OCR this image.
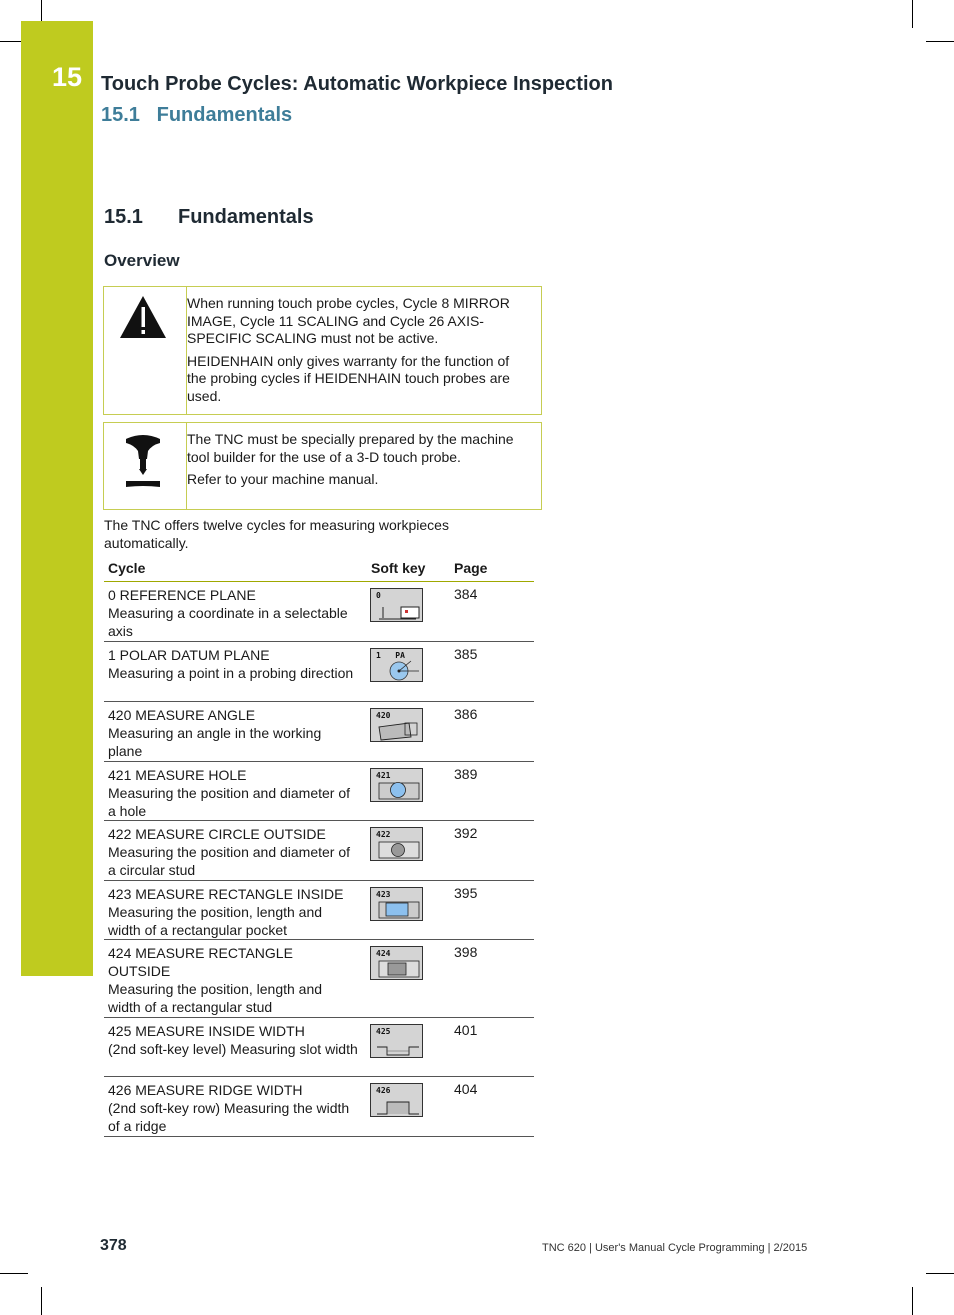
15 Touch Probe Cycles: Automatic Workpiece Inspection
15.1   Fundamentals
15.1 Fundamentals
Overview

When running touch probe cycles, Cycle 8 MIRROR IMAGE, Cycle 11 SCALING and Cycle 26 AXIS-SPECIFIC SCALING must not be active.

HEIDENHAIN only gives warranty for the function of the probing cycles if HEIDENHAIN touch probes are used.

The TNC must be specially prepared by the machine tool builder for the use of a 3-D touch probe.

Refer to your machine manual.

The TNC offers twelve cycles for measuring workpieces automatically.

Cycle	Soft key Page
0 REFERENCE PLANE
Measuring a coordinate in a selectable axis
0	384
1 POLAR DATUM PLANE
Measuring a point in a probing direction
1   PA	385
420 MEASURE ANGLE
Measuring an angle in the working plane
420	386
421 MEASURE HOLE
Measuring the position and diameter of a hole
421	389
422 MEASURE CIRCLE OUTSIDE
Measuring the position and diameter of a circular stud
422	392
423 MEASURE RECTANGLE INSIDE
Measuring the position, length and width of a rectangular pocket
423	395
424 MEASURE RECTANGLE OUTSIDE
Measuring the position, length and width of a rectangular stud
424	398
425 MEASURE INSIDE WIDTH
(2nd soft-key level) Measuring slot width
425	401
426 MEASURE RIDGE WIDTH
(2nd soft-key row) Measuring the width of a ridge
426	404
378	TNC 620 | User's Manual Cycle Programming | 2/2015
